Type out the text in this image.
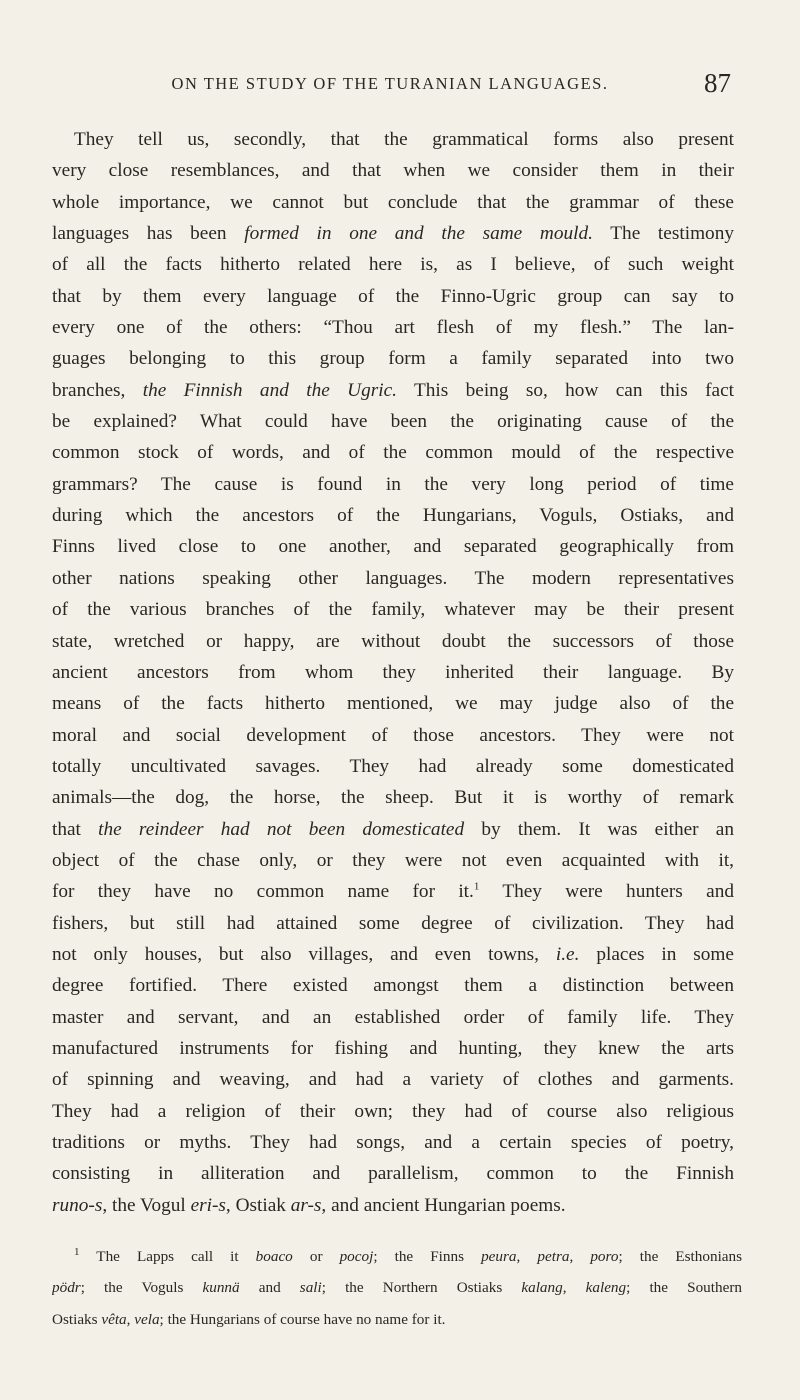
ON THE STUDY OF THE TURANIAN LANGUAGES.	87
They tell us, secondly, that the grammatical forms also present
very close resemblances, and that when we consider them in their
whole importance, we cannot but conclude that the grammar of these
languages has been formed in one and the same mould. The testimony
of all the facts hitherto related here is, as I believe, of such weight
that by them every language of the Finno-Ugric group can say to
every one of the others: “Thou art flesh of my flesh.” The lan-
guages belonging to this group form a family separated into two
branches, the Finnish and the Ugric. This being so, how can this fact
be explained? What could have been the originating cause of the
common stock of words, and of the common mould of the respective
grammars? The cause is found in the very long period of time
during which the ancestors of the Hungarians, Voguls, Ostiaks, and
Finns lived close to one another, and separated geographically from
other nations speaking other languages. The modern representatives
of the various branches of the family, whatever may be their present
state, wretched or happy, are without doubt the successors of those
ancient ancestors from whom they inherited their language. By
means of the facts hitherto mentioned, we may judge also of the
moral and social development of those ancestors. They were not
totally uncultivated savages. They had already some domesticated
animals—the dog, the horse, the sheep. But it is worthy of remark
that the reindeer had not been domesticated by them. It was either an
object of the chase only, or they were not even acquainted with it,
for they have no common name for it.$^1$ They were hunters and
fishers, but still had attained some degree of civilization. They had
not only houses, but also villages, and even towns, i.e. places in some
degree fortified. There existed amongst them a distinction between
master and servant, and an established order of family life. They
manufactured instruments for fishing and hunting, they knew the arts
of spinning and weaving, and had a variety of clothes and garments.
They had a religion of their own; they had of course also religious
traditions or myths. They had songs, and a certain species of poetry,
consisting in alliteration and parallelism, common to the Finnish
runo-s, the Vogul eri-s, Ostiak ar-s, and ancient Hungarian poems.
$^1$ The Lapps call it boaco or pocoj; the Finns peura, petra, poro; the Esthonians
pödr; the Voguls kunnä and sali; the Northern Ostiaks kalang, kaleng; the Southern
Ostiaks vêta, vela; the Hungarians of course have no name for it.
